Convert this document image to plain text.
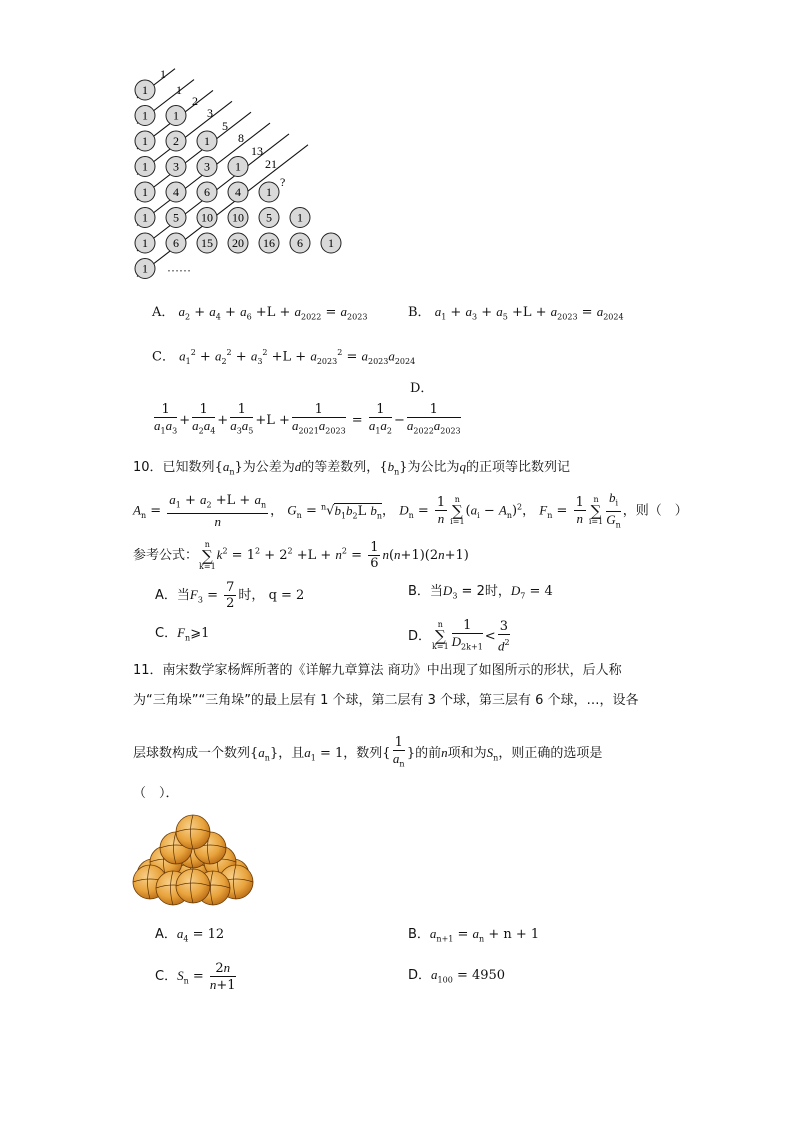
1
1 1
1 2 1
1 3 3 1
1 4 6 4 1
1 5 10 10 5 1
1 6 15 20 16 6 1
1 ……
1
1
2
3
5
8
13
21
?
A． $a_2 + a_4 + a_6 +L + a_{2022} = a_{2023}$	B． $a_1 + a_3 + a_5 +L + a_{2023} = a_{2024}$
C． $a_1^2 + a_2^2 + a_3^2 +L + a_{2023}^2 = a_{2023}a_{2024}$
D．
$\frac{1}{a_1a_3} + \frac{1}{a_2a_4} + \frac{1}{a_3a_5} +L + \frac{1}{a_{2021}a_{2023}} = \frac{1}{a_1a_2} - \frac{1}{a_{2022}a_{2023}}$
10．已知数列$\{a_n\}$为公差为d的等差数列，$\{b_n\}$为公比为q的正项等比数列记
$A_n = \frac{a_1 + a_2 +L + a_n}{n}$ ， $G_n = ^n√b_1b_2L$ $b_n$， $D_n = \frac{1}{n}$ n
∑
$i=1(a_i - A_n)^2$， $F_n = \frac{1}{n}$ n
∑
$i=1 \frac{b_i}{G_n}$ ，则（　）
参考公式：n
∑
$k=1k^2 = 1^2 + 2^2 +L + n^2 = \frac{1}{6} n(n+1)(2n+1)$
A．当$F_3 = \frac{7}{2}$ 时， q = 2	B．当$D_3 = 2$时，$D_7 = 4$
C．$F_n⩾1$	D．n
∑
$k=1 \frac{1}{D_{2k+1}} < \frac{3}{d^2}$
11．南宋数学家杨辉所著的《详解九章算法 商功》中出现了如图所示的形状，后人称
为“三角垛”“三角垛”的最上层有 1 个球，第二层有 3 个球，第三层有 6 个球，…，设各
层球数构成一个数列$\{a_n\}$，且$a_1 = 1$，数列{ $\frac{1}{a_n}$ }的前n项和为$S_n$，则正确的选项是
（　）．
A．$a_4 = 12$	B．$a_{n+1} = a_n + n + 1$
C．$S_n = \frac{2n}{n+1}$	D．$a_{100} = 4950$
